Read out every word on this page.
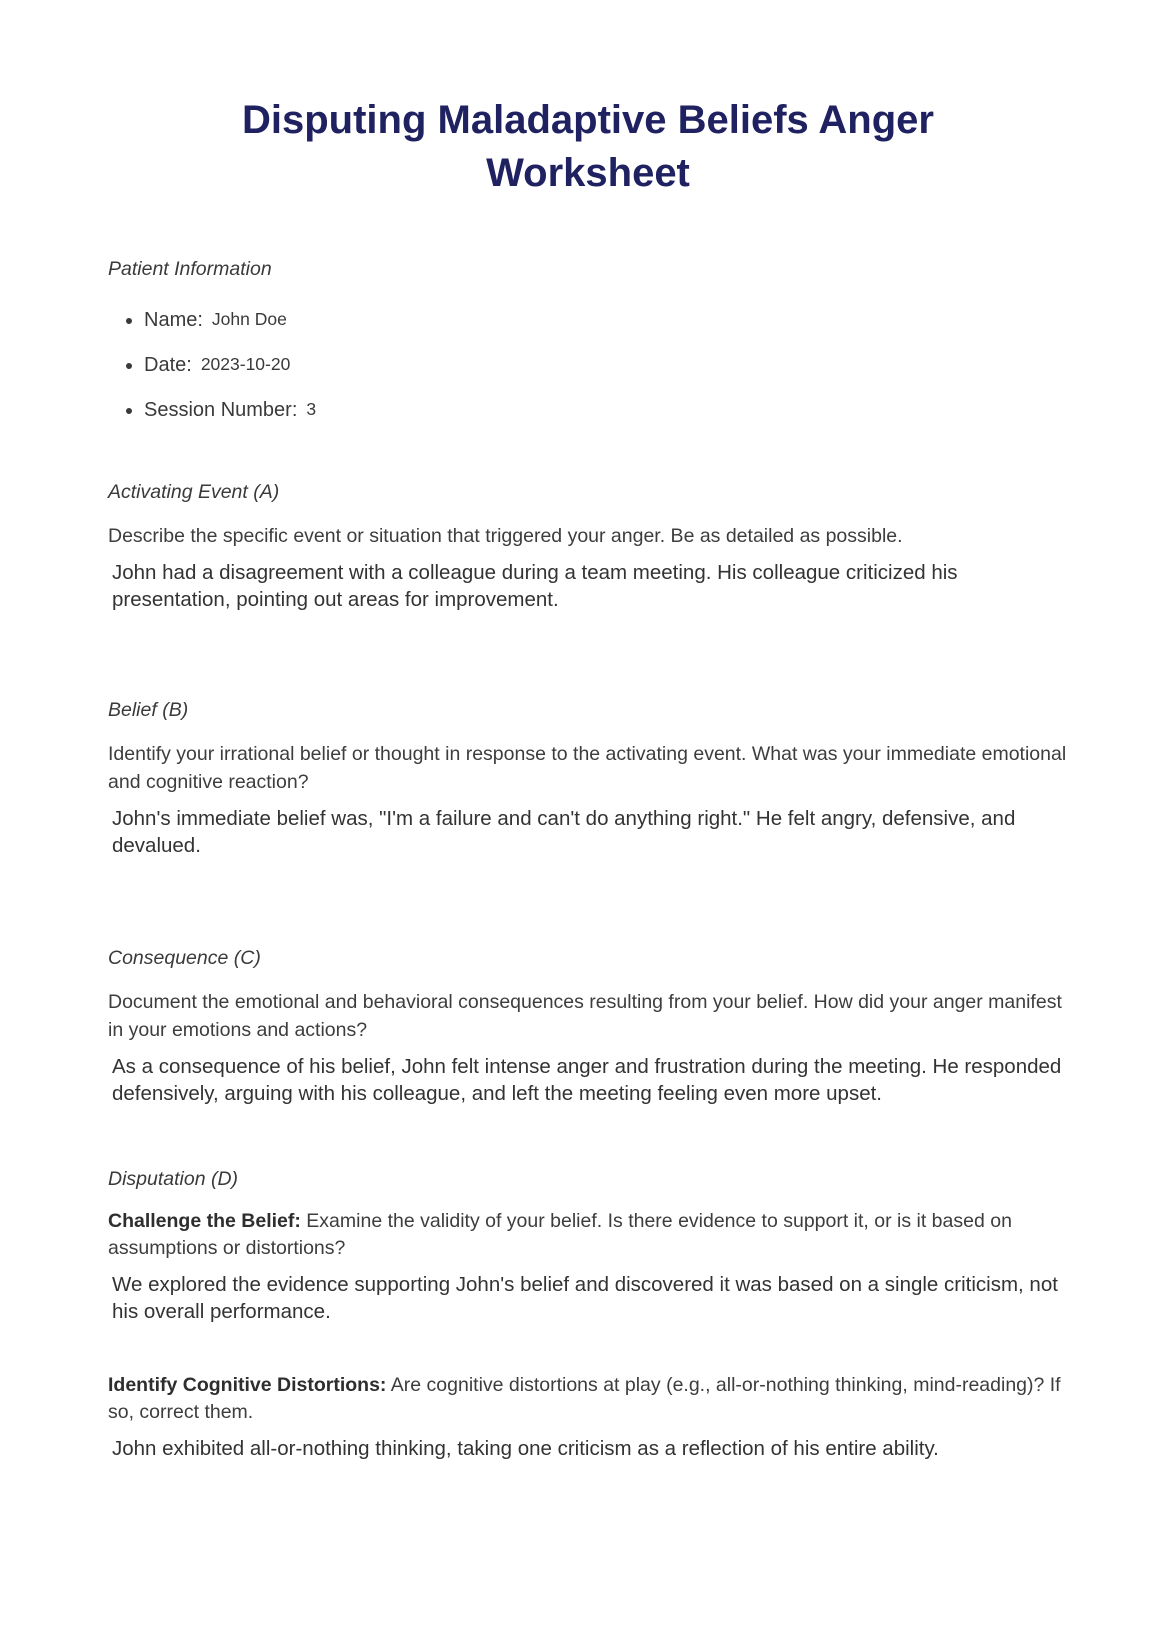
Disputing Maladaptive Beliefs Anger Worksheet
Patient Information
• Name: John Doe
• Date: 2023-10-20
• Session Number: 3
Activating Event (A)

Describe the specific event or situation that triggered your anger. Be as detailed as possible.

John had a disagreement with a colleague during a team meeting. His colleague criticized his presentation, pointing out areas for improvement.

Belief (B)

Identify your irrational belief or thought in response to the activating event. What was your immediate emotional and cognitive reaction?

John's immediate belief was, "I'm a failure and can't do anything right." He felt angry, defensive, and devalued.

Consequence (C)

Document the emotional and behavioral consequences resulting from your belief. How did your anger manifest in your emotions and actions?

As a consequence of his belief, John felt intense anger and frustration during the meeting. He responded defensively, arguing with his colleague, and left the meeting feeling even more upset.

Disputation (D)

Challenge the Belief: Examine the validity of your belief. Is there evidence to support it, or is it based on assumptions or distortions?

We explored the evidence supporting John's belief and discovered it was based on a single criticism, not his overall performance.

Identify Cognitive Distortions: Are cognitive distortions at play (e.g., all-or-nothing thinking, mind-reading)? If so, correct them.

John exhibited all-or-nothing thinking, taking one criticism as a reflection of his entire ability.
